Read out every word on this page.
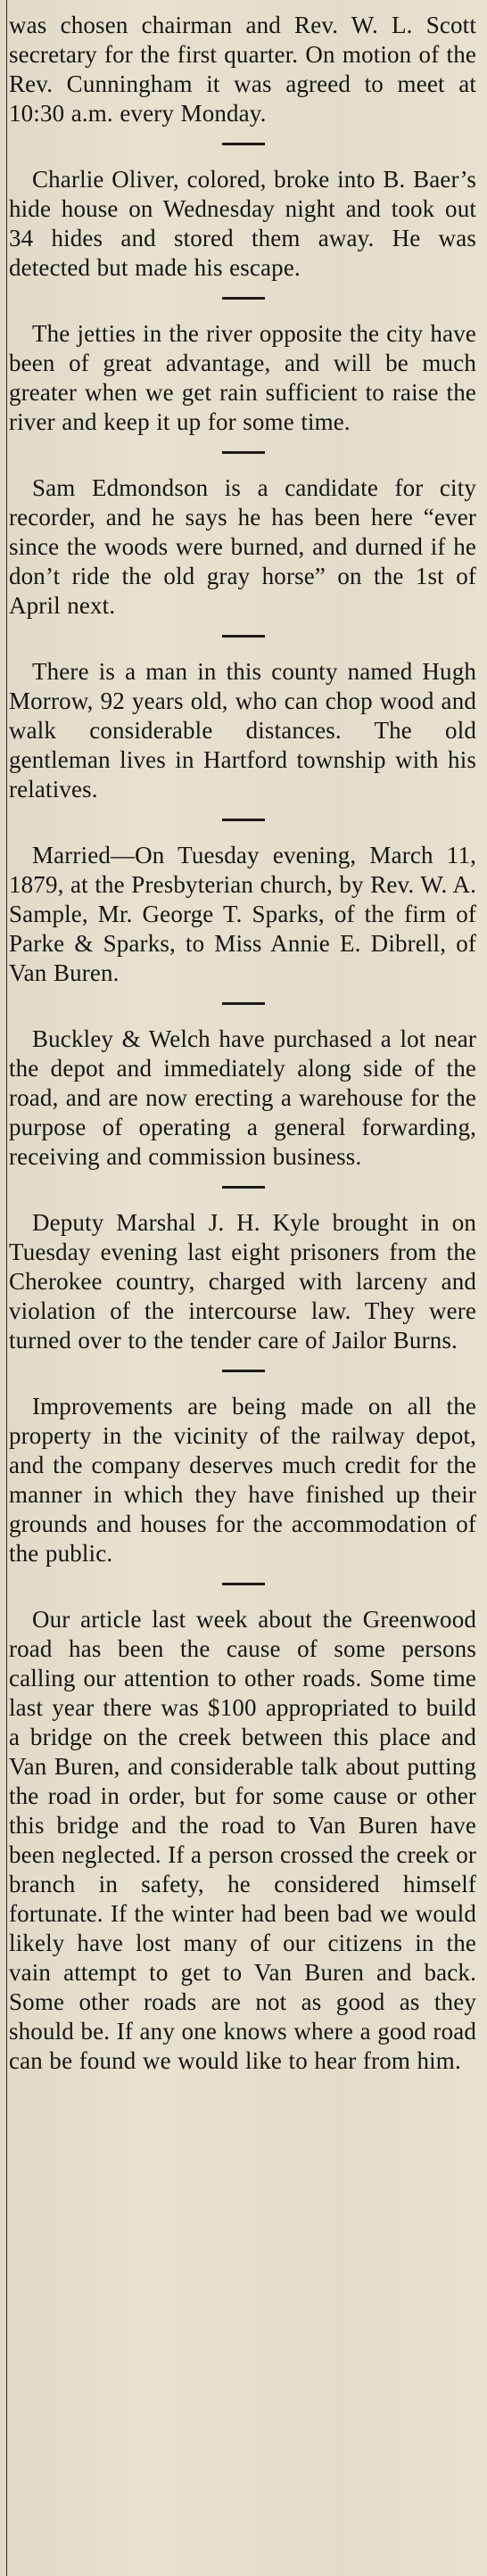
was chosen chairman and Rev. W. L. Scott secretary for the first quarter. On motion of the Rev. Cunningham it was agreed to meet at 10:30 a.m. every Monday.

Charlie Oliver, colored, broke into B. Baer’s hide house on Wednesday night and took out 34 hides and stored them away. He was detected but made his escape.

The jetties in the river opposite the city have been of great advantage, and will be much greater when we get rain sufficient to raise the river and keep it up for some time.

Sam Edmondson is a candidate for city recorder, and he says he has been here “ever since the woods were burned, and durned if he don’t ride the old gray horse” on the 1st of April next.

There is a man in this county named Hugh Morrow, 92 years old, who can chop wood and walk considerable distances. The old gentleman lives in Hartford township with his relatives.

Married—On Tuesday evening, March 11, 1879, at the Presbyterian church, by Rev. W. A. Sample, Mr. George T. Sparks, of the firm of Parke & Sparks, to Miss Annie E. Dibrell, of Van Buren.

Buckley & Welch have purchased a lot near the depot and immediately along side of the road, and are now erecting a warehouse for the purpose of operating a general forwarding, receiving and commission business.

Deputy Marshal J. H. Kyle brought in on Tuesday evening last eight prisoners from the Cherokee country, charged with larceny and violation of the intercourse law. They were turned over to the tender care of Jailor Burns.

Improvements are being made on all the property in the vicinity of the railway depot, and the company deserves much credit for the manner in which they have finished up their grounds and houses for the accommodation of the public.

Our article last week about the Greenwood road has been the cause of some persons calling our attention to other roads. Some time last year there was $100 appropriated to build a bridge on the creek between this place and Van Buren, and considerable talk about putting the road in order, but for some cause or other this bridge and the road to Van Buren have been neglected. If a person crossed the creek or branch in safety, he considered himself fortunate. If the winter had been bad we would likely have lost many of our citizens in the vain attempt to get to Van Buren and back. Some other roads are not as good as they should be. If any one knows where a good road can be found we would like to hear from him.
